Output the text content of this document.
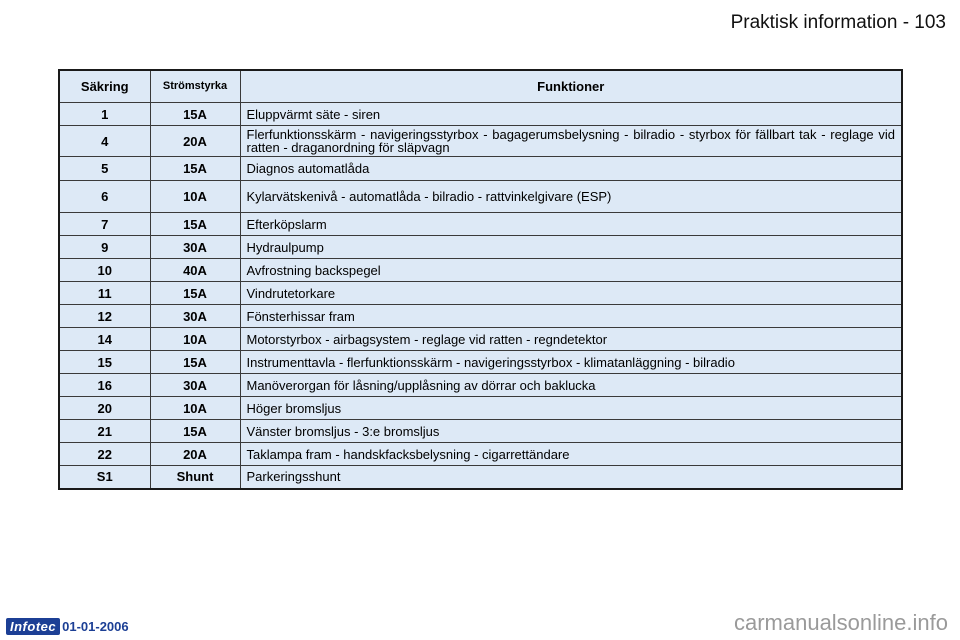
Praktisk information - 103
Säkring	Strömstyrka	Funktioner
1	15A	Eluppvärmt säte - siren
4	20A	Flerfunktionsskärm - navigeringsstyrbox - bagagerumsbelysning - bilradio - styrbox för fällbart tak - reglage vid ratten - draganordning för släpvagn
5	15A	Diagnos automatlåda
6	10A	Kylarvätskenivå - automatlåda - bilradio - rattvinkelgivare (ESP)
7	15A	Efterköpslarm
9	30A	Hydraulpump
10	40A	Avfrostning backspegel
11	15A	Vindrutetorkare
12	30A	Fönsterhissar fram
14	10A	Motorstyrbox - airbagsystem - reglage vid ratten - regndetektor
15	15A	Instrumenttavla - flerfunktionsskärm - navigeringsstyrbox - klimatanläggning - bilradio
16	30A	Manöverorgan för låsning/upplåsning av dörrar och baklucka
20	10A	Höger bromsljus
21	15A	Vänster bromsljus - 3:e bromsljus
22	20A	Taklampa fram - handskfacksbelysning - cigarrettändare
S1	Shunt	Parkeringsshunt
Infotec 01-01-2006	carmanualsonline.info
